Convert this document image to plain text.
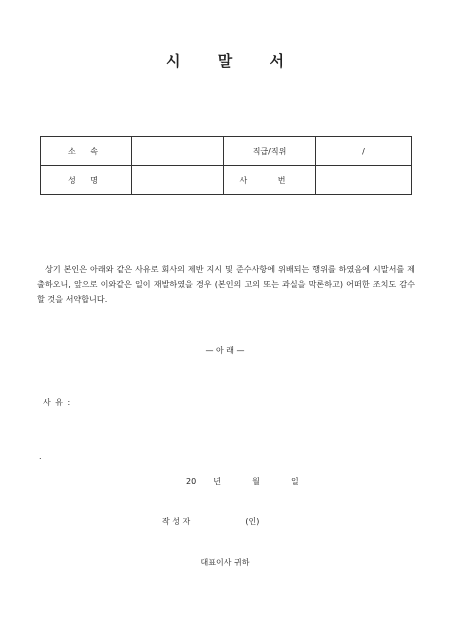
시 말 서
소 속		직급/직위	/
성 명		사 번	
상기 본인은 아래와 같은 사유로 회사의 제반 지시 및 준수사항에 위배되는 행위를 하였음에 시말서를 제출하오니, 앞으로 이와같은 일이 재발하였을 경우 (본인의 고의 또는 과실을 막론하고) 어떠한 조치도 감수할 것을 서약합니다.
— 아 래 —
사 유 :
.
20 년	월	일
작 성 자	(인)
대표이사 귀하
